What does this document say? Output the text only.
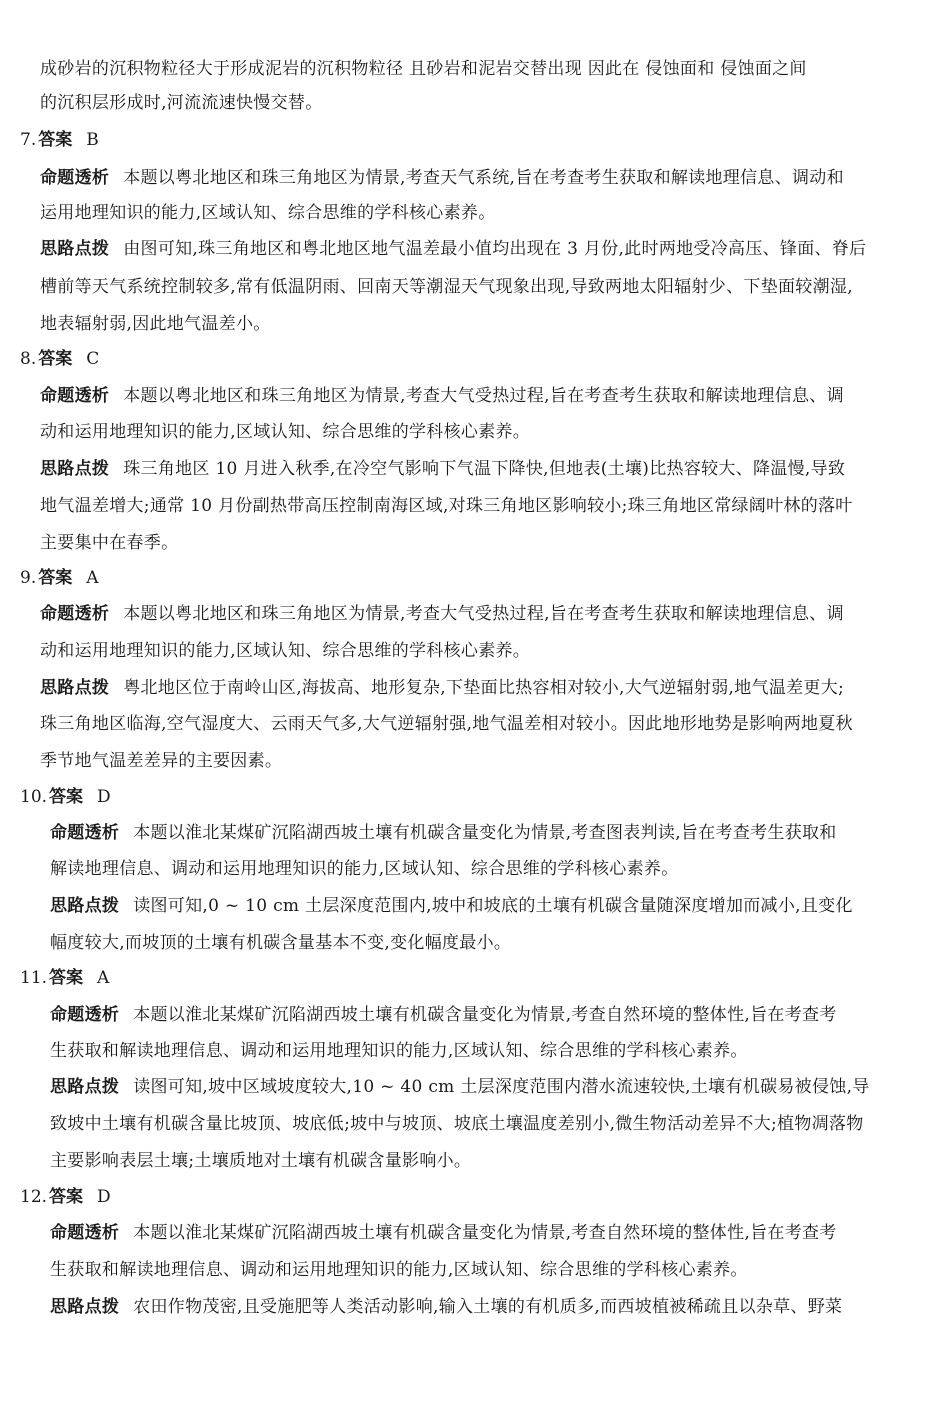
成砂岩的沉积物粒径大于形成泥岩的沉积物粒径 且砂岩和泥岩交替出现 因此在 侵蚀面和 侵蚀面之间
的沉积层形成时,河流流速快慢交替。
7. 答案 B
命题透析 本题以粤北地区和珠三角地区为情景,考查天气系统,旨在考查考生获取和解读地理信息、调动和
运用地理知识的能力,区域认知、综合思维的学科核心素养。
思路点拨 由图可知,珠三角地区和粤北地区地气温差最小值均出现在 3 月份,此时两地受冷高压、锋面、脊后
槽前等天气系统控制较多,常有低温阴雨、回南天等潮湿天气现象出现,导致两地太阳辐射少、下垫面较潮湿,
地表辐射弱,因此地气温差小。
8. 答案 C
命题透析 本题以粤北地区和珠三角地区为情景,考查大气受热过程,旨在考查考生获取和解读地理信息、调
动和运用地理知识的能力,区域认知、综合思维的学科核心素养。
思路点拨 珠三角地区 10 月进入秋季,在冷空气影响下气温下降快,但地表(土壤)比热容较大、降温慢,导致
地气温差增大;通常 10 月份副热带高压控制南海区域,对珠三角地区影响较小;珠三角地区常绿阔叶林的落叶
主要集中在春季。
9. 答案 A
命题透析 本题以粤北地区和珠三角地区为情景,考查大气受热过程,旨在考查考生获取和解读地理信息、调
动和运用地理知识的能力,区域认知、综合思维的学科核心素养。
思路点拨 粤北地区位于南岭山区,海拔高、地形复杂,下垫面比热容相对较小,大气逆辐射弱,地气温差更大;
珠三角地区临海,空气湿度大、云雨天气多,大气逆辐射强,地气温差相对较小。因此地形地势是影响两地夏秋
季节地气温差差异的主要因素。
10. 答案 D
命题透析 本题以淮北某煤矿沉陷湖西坡土壤有机碳含量变化为情景,考查图表判读,旨在考查考生获取和
解读地理信息、调动和运用地理知识的能力,区域认知、综合思维的学科核心素养。
思路点拨 读图可知,0 ~ 10 cm 土层深度范围内,坡中和坡底的土壤有机碳含量随深度增加而减小,且变化
幅度较大,而坡顶的土壤有机碳含量基本不变,变化幅度最小。
11. 答案 A
命题透析 本题以淮北某煤矿沉陷湖西坡土壤有机碳含量变化为情景,考查自然环境的整体性,旨在考查考
生获取和解读地理信息、调动和运用地理知识的能力,区域认知、综合思维的学科核心素养。
思路点拨 读图可知,坡中区域坡度较大,10 ~ 40 cm 土层深度范围内潜水流速较快,土壤有机碳易被侵蚀,导
致坡中土壤有机碳含量比坡顶、坡底低;坡中与坡顶、坡底土壤温度差别小,微生物活动差异不大;植物凋落物
主要影响表层土壤;土壤质地对土壤有机碳含量影响小。
12. 答案 D
命题透析 本题以淮北某煤矿沉陷湖西坡土壤有机碳含量变化为情景,考查自然环境的整体性,旨在考查考
生获取和解读地理信息、调动和运用地理知识的能力,区域认知、综合思维的学科核心素养。
思路点拨 农田作物茂密,且受施肥等人类活动影响,输入土壤的有机质多,而西坡植被稀疏且以杂草、野菜
